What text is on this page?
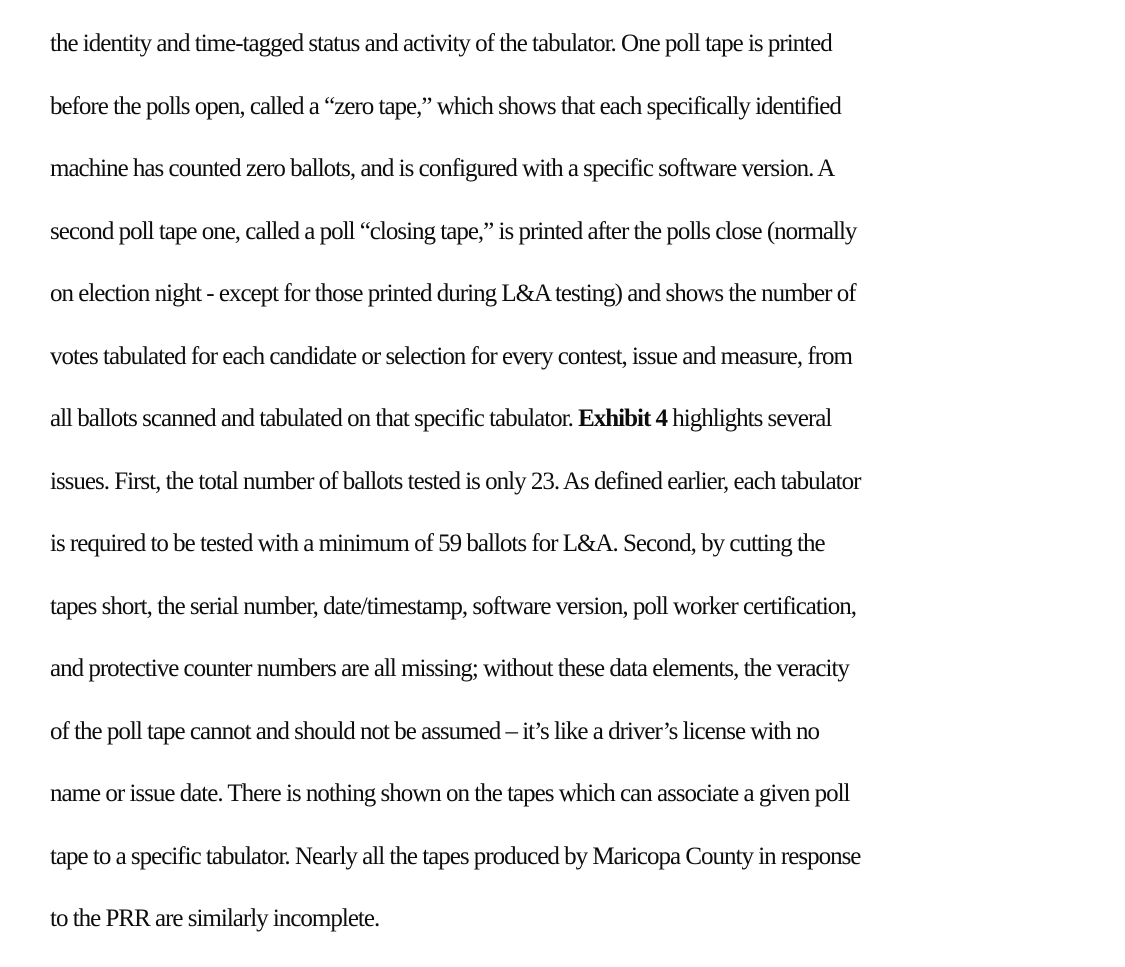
the identity and time-tagged status and activity of the tabulator. One poll tape is printed
before the polls open, called a “zero tape,” which shows that each specifically identified
machine has counted zero ballots, and is configured with a specific software version. A
second poll tape one, called a poll “closing tape,” is printed after the polls close (normally
on election night - except for those printed during L&A testing) and shows the number of
votes tabulated for each candidate or selection for every contest, issue and measure, from
all ballots scanned and tabulated on that specific tabulator. Exhibit 4 highlights several
issues. First, the total number of ballots tested is only 23. As defined earlier, each tabulator
is required to be tested with a minimum of 59 ballots for L&A. Second, by cutting the
tapes short, the serial number, date/timestamp, software version, poll worker certification,
and protective counter numbers are all missing; without these data elements, the veracity
of the poll tape cannot and should not be assumed – it’s like a driver’s license with no
name or issue date. There is nothing shown on the tapes which can associate a given poll
tape to a specific tabulator. Nearly all the tapes produced by Maricopa County in response
to the PRR are similarly incomplete.
